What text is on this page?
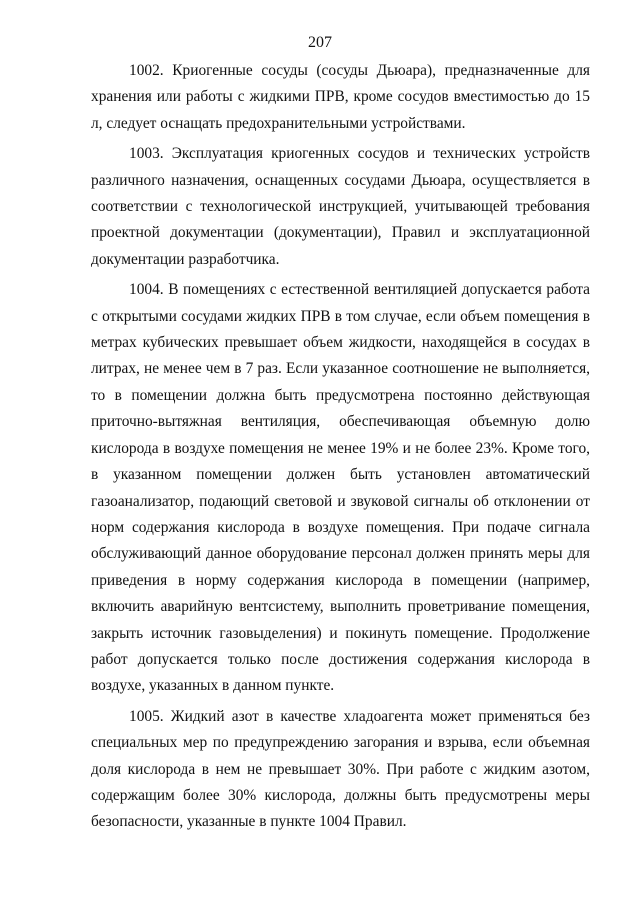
207

1002. Криогенные сосуды (сосуды Дьюара), предназначенные для хранения или работы с жидкими ПРВ, кроме сосудов вместимостью до 15 л, следует оснащать предохранительными устройствами.

1003. Эксплуатация криогенных сосудов и технических устройств различного назначения, оснащенных сосудами Дьюара, осуществляется в соответствии с технологической инструкцией, учитывающей требования проектной документации (документации), Правил и эксплуатационной документации разработчика.

1004. В помещениях с естественной вентиляцией допускается работа с открытыми сосудами жидких ПРВ в том случае, если объем помещения в метрах кубических превышает объем жидкости, находящейся в сосудах в литрах, не менее чем в 7 раз. Если указанное соотношение не выполняется, то в помещении должна быть предусмотрена постоянно действующая приточно-вытяжная вентиляция, обеспечивающая объемную долю кислорода в воздухе помещения не менее 19% и не более 23%. Кроме того, в указанном помещении должен быть установлен автоматический газоанализатор, подающий световой и звуковой сигналы об отклонении от норм содержания кислорода в воздухе помещения. При подаче сигнала обслуживающий данное оборудование персонал должен принять меры для приведения в норму содержания кислорода в помещении (например, включить аварийную вентсистему, выполнить проветривание помещения, закрыть источник газовыделения) и покинуть помещение. Продолжение работ допускается только после достижения содержания кислорода в воздухе, указанных в данном пункте.

1005. Жидкий азот в качестве хладоагента может применяться без специальных мер по предупреждению загорания и взрыва, если объемная доля кислорода в нем не превышает 30%. При работе с жидким азотом, содержащим более 30% кислорода, должны быть предусмотрены меры безопасности, указанные в пункте 1004 Правил.
